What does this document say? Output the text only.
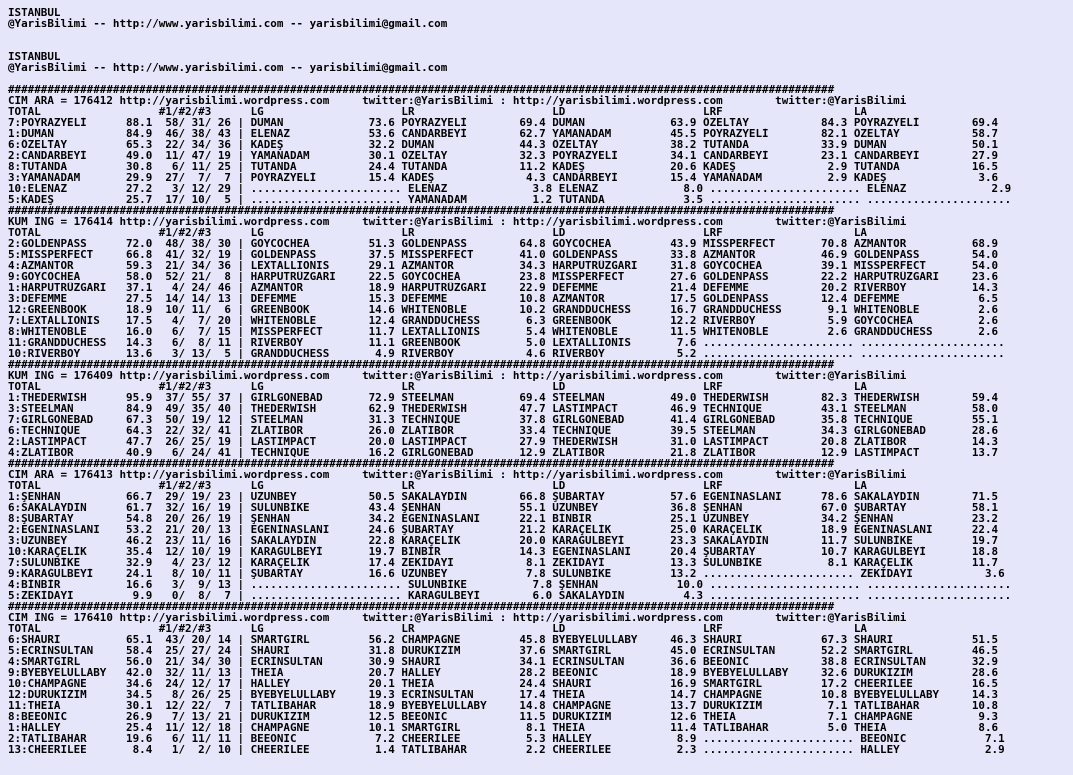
ISTANBUL
@YarisBilimi -- http://www.yarisbilimi.com -- yarisbilimi@gmail.com
ISTANBUL
@YarisBilimi -- http://www.yarisbilimi.com -- yarisbilimi@gmail.com
##############################################################################################################################
CIM ARA = 176412 http://yarisbilimi.wordpress.com     twitter:@YarisBilimi : http://yarisbilimi.wordpress.com        twitter:@YarisBilimi
TOTAL                  #1/#2/#3      LG                     LR                     LD                     LRF                    LA
7:POYRAZYELİ      88.1  58/ 31/ 26 | DUMAN             73.6 POYRAZYELİ        69.4 DUMAN             63.9 ÖZELTAY           84.3 POYRAZYELİ        69.4
1:DUMAN           84.9  46/ 38/ 43 | ELENAZ            53.6 CANDARBEYİ        62.7 YAMANADAM         45.5 POYRAZYELİ        82.1 ÖZELTAY           58.7
6:ÖZELTAY         65.3  22/ 34/ 36 | KADEŞ             32.2 DUMAN             44.3 ÖZELTAY           38.2 TUTANDA           33.9 DUMAN             50.1
2:CANDARBEYİ      49.0  11/ 47/ 19 | YAMANADAM         30.1 ÖZELTAY           32.3 POYRAZYELİ        34.1 CANDARBEYİ        23.1 CANDARBEYİ        27.9
8:TUTANDA         30.8   6/ 11/ 25 | TUTANDA           24.4 TUTANDA           11.2 KADEŞ             20.6 KADEŞ              2.9 TUTANDA           16.5
3:YAMANADAM       29.9  27/  7/  7 | POYRAZYELİ        15.4 KADEŞ              4.3 CANDARBEYİ        15.4 YAMANADAM          2.9 KADEŞ              3.6
10:ELENAZ         27.2   3/ 12/ 29 | ....................... ELENAZ             3.8 ELENAZ             8.0 ....................... ELENAZ             2.9
5:KADEŞ           25.7  17/ 10/  5 | ....................... YAMANADAM          1.2 TUTANDA            3.5 ....................... ......................
##############################################################################################################################
KUM ING = 176414 http://yarisbilimi.wordpress.com     twitter:@YarisBilimi : http://yarisbilimi.wordpress.com        twitter:@YarisBilimi
TOTAL                  #1/#2/#3      LG                     LR                     LD                     LRF                    LA
2:GOLDENPASS      72.0  48/ 38/ 30 | GOYCOCHEA         51.3 GOLDENPASS        64.8 GOYCOCHEA         43.9 MISSPERFECT       70.8 AZMANTOR          68.9
5:MISSPERFECT     66.8  41/ 32/ 19 | GOLDENPASS        37.5 MISSPERFECT       41.0 GOLDENPASS        33.8 AZMANTOR          46.9 GOLDENPASS        54.0
4:AZMANTOR        59.3  21/ 34/ 36 | LEXTALLIONIS      29.1 AZMANTOR          34.3 HARPUTRÜZGARI     31.8 GOYCOCHEA         39.1 MISSPERFECT       54.0
9:GOYCOCHEA       58.0  52/ 21/  8 | HARPUTRÜZGARI     22.5 GOYCOCHEA         23.8 MISSPERFECT       27.6 GOLDENPASS        22.2 HARPUTRÜZGARI     23.6
1:HARPUTRÜZGARI   37.1   4/ 24/ 46 | AZMANTOR          18.9 HARPUTRÜZGARI     22.9 DEFEMME           21.4 DEFEMME           20.2 RIVERBOY          14.3
3:DEFEMME         27.5  14/ 14/ 13 | DEFEMME           15.3 DEFEMME           10.8 AZMANTOR          17.5 GOLDENPASS        12.4 DEFEMME            6.5
12:GREENBOOK      18.9  10/ 11/  6 | GREENBOOK         14.6 WHITENOBLE        10.2 GRANDDUCHESS      16.7 GRANDDUCHESS       9.1 WHITENOBLE         2.6
7:LEXTALLIONIS    17.5   4/  7/ 20 | WHITENOBLE        12.4 GRANDDUCHESS       6.3 GREENBOOK         12.2 RIVERBOY           5.9 GOYCOCHEA          2.6
8:WHITENOBLE      16.0   6/  7/ 15 | MISSPERFECT       11.7 LEXTALLIONIS       5.4 WHITENOBLE        11.5 WHITENOBLE         2.6 GRANDDUCHESS       2.6
11:GRANDDUCHESS   14.3   6/  8/ 11 | RIVERBOY          11.1 GREENBOOK          5.0 LEXTALLIONIS       7.6 ....................... ......................
10:RIVERBOY       13.6   3/ 13/  5 | GRANDDUCHESS       4.9 RIVERBOY           4.6 RIVERBOY           5.2 ....................... ......................
##############################################################################################################################
KUM ING = 176409 http://yarisbilimi.wordpress.com     twitter:@YarisBilimi : http://yarisbilimi.wordpress.com        twitter:@YarisBilimi
TOTAL                  #1/#2/#3      LG                     LR                     LD                     LRF                    LA
1:THEDERWISH      95.9  37/ 55/ 37 | GIRLGONEBAD       72.9 STEELMAN          69.4 STEELMAN          49.0 THEDERWISH        82.3 THEDERWISH        59.4
3:STEELMAN        84.9  49/ 35/ 40 | THEDERWISH        62.9 THEDERWISH        47.7 LASTIMPACT        46.9 TECHNIQUE         43.1 STEELMAN          58.0
7:GIRLGONEBAD     67.3  50/ 19/ 12 | STEELMAN          31.3 TECHNIQUE         37.8 GIRLGONEBAD       41.4 GIRLGONEBAD       35.8 TECHNIQUE         55.1
6:TECHNIQUE       64.3  22/ 32/ 41 | ZLATIBOR          26.0 ZLATIBOR          33.4 TECHNIQUE         39.5 STEELMAN          34.3 GIRLGONEBAD       28.6
2:LASTIMPACT      47.7  26/ 25/ 19 | LASTIMPACT        20.0 LASTIMPACT        27.9 THEDERWISH        31.0 LASTIMPACT        20.8 ZLATIBOR          14.3
4:ZLATIBOR        40.9   6/ 24/ 41 | TECHNIQUE         16.2 GIRLGONEBAD       12.9 ZLATIBOR          21.8 ZLATIBOR          12.9 LASTIMPACT        13.7
##############################################################################################################################
CIM ARA = 176413 http://yarisbilimi.wordpress.com     twitter:@YarisBilimi : http://yarisbilimi.wordpress.com        twitter:@YarisBilimi
TOTAL                  #1/#2/#3      LG                     LR                     LD                     LRF                    LA
1:ŞENHAN          66.7  29/ 19/ 23 | UZUNBEY           50.5 SAKALAYDIN        66.8 ŞUBARTAY          57.6 EGENİNASLANI      78.6 SAKALAYDIN        71.5
6:SAKALAYDIN      61.7  32/ 16/ 19 | SULUNBİKE         43.4 ŞENHAN            55.1 UZUNBEY           36.8 ŞENHAN            67.0 ŞUBARTAY          58.1
8:ŞUBARTAY        54.8  20/ 26/ 19 | ŞENHAN            34.2 EGENİNASLANI      22.1 BİNBİR            25.1 UZUNBEY           34.2 ŞENHAN            23.2
2:EGENİNASLANI    53.2  21/ 20/ 13 | EGENİNASLANI      24.6 ŞUBARTAY          21.2 KARAÇELİK         25.0 KARAÇELİK         18.9 EGENİNASLANI      22.4
3:UZUNBEY         46.2  23/ 11/ 16 | SAKALAYDIN        22.8 KARAÇELİK         20.0 KARAĞULBEYİ       23.3 SAKALAYDIN        11.7 SULUNBİKE         19.7
10:KARAÇELİK      35.4  12/ 10/ 19 | KARAĞULBEYİ       19.7 BİNBİR            14.3 EGENİNASLANI      20.4 ŞUBARTAY          10.7 KARAĞULBEYİ       18.8
7:SULUNBİKE       32.9   4/ 23/ 12 | KARAÇELİK         17.4 ZEKİDAYI           8.1 ZEKİDAYI          13.3 SULUNBİKE          8.1 KARAÇELİK         11.7
9:KARAĞULBEYİ     24.1   8/ 10/ 11 | ŞUBARTAY          16.6 UZUNBEY            7.8 SULUNBİKE         13.2 ....................... ZEKİDAYI           3.6
4:BİNBİR          16.6   3/  9/ 13 | ....................... SULUNBİKE          7.8 ŞENHAN            10.0 ....................... ......................
5:ZEKİDAYI         9.9   0/  8/  7 | ....................... KARAĞULBEYİ        6.0 SAKALAYDIN         4.3 ....................... ......................
##############################################################################################################################
CIM ING = 176410 http://yarisbilimi.wordpress.com     twitter:@YarisBilimi : http://yarisbilimi.wordpress.com        twitter:@YarisBilimi
TOTAL                  #1/#2/#3      LG                     LR                     LD                     LRF                    LA
6:SHAURI          65.1  43/ 20/ 14 | SMARTGIRL         56.2 CHAMPAGNE         45.8 BYEBYELULLABY     46.3 SHAURI            67.3 SHAURI            51.5
5:ECRİNSULTAN     58.4  25/ 27/ 24 | SHAURI            31.8 DURUKIZIM         37.6 SMARTGIRL         45.0 ECRİNSULTAN       52.2 SMARTGIRL         46.5
4:SMARTGIRL       56.0  21/ 34/ 30 | ECRİNSULTAN       30.9 SHAURI            34.1 ECRİNSULTAN       36.6 BEEONIC           38.8 ECRİNSULTAN       32.9
9:BYEBYELULLABY   42.0  32/ 11/ 13 | THEIA             20.7 HALLEY            28.2 BEEONIC           18.9 BYEBYELULLABY     32.6 DURUKIZIM         28.6
10:CHAMPAGNE      34.6  24/ 12/ 17 | HALLEY            20.1 THEIA             24.4 SHAURI            16.9 SMARTGIRL         17.2 CHEERILEE         16.5
12:DURUKIZIM      34.5   8/ 26/ 25 | BYEBYELULLABY     19.3 ECRİNSULTAN       17.4 THEIA             14.7 CHAMPAGNE         10.8 BYEBYELULLABY     14.3
11:THEIA          30.1  12/ 22/  7 | TATLIBAHAR        18.9 BYEBYELULLABY     14.8 CHAMPAGNE         13.7 DURUKIZIM          7.1 TATLIBAHAR        10.8
8:BEEONIC         26.9   7/ 13/ 21 | DURUKIZIM         12.5 BEEONIC           11.5 DURUKIZIM         12.6 THEIA              7.1 CHAMPAGNE          9.3
1:HALLEY          25.4  11/ 12/ 18 | CHAMPAGNE         10.1 SMARTGIRL          8.1 THEIA             11.4 TATLIBAHAR         5.0 THEIA              8.6
2:TATLIBAHAR      19.6   6/ 11/ 11 | BEEONIC            7.2 CHEERILEE          5.3 HALLEY             8.9 ....................... BEEONIC            7.1
13:CHEERILEE       8.4   1/  2/ 10 | CHEERILEE          1.4 TATLIBAHAR         2.2 CHEERILEE          2.3 ....................... HALLEY             2.9
